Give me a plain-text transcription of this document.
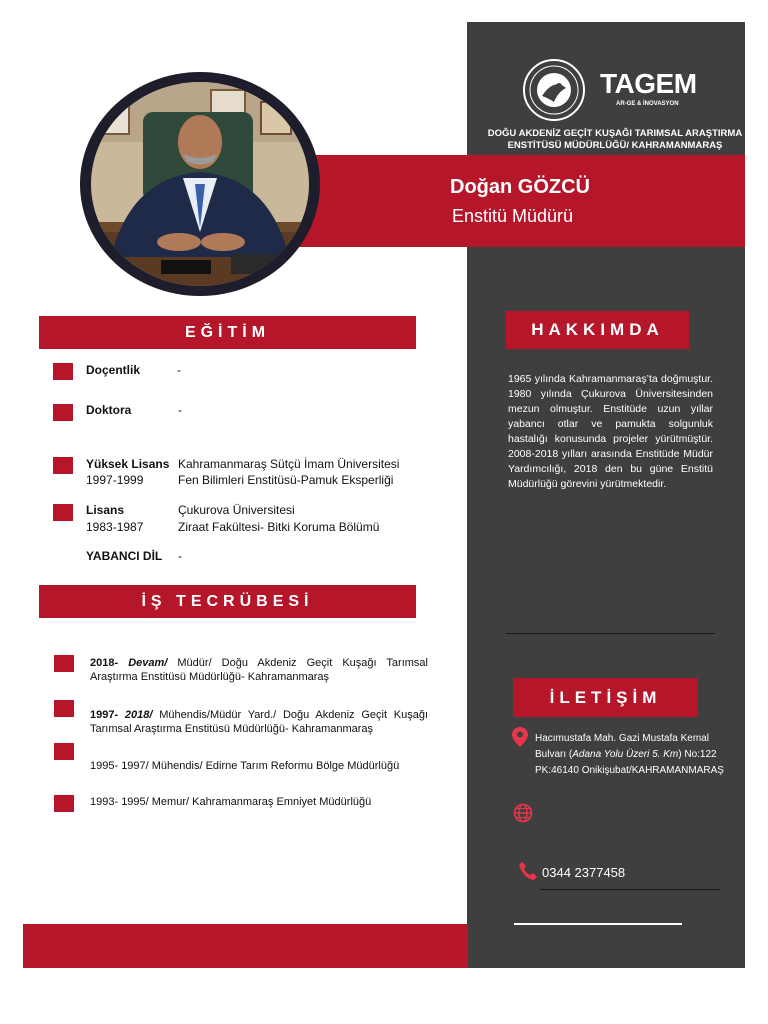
TAGEM
AR-GE & İNOVASYON
DOĞU AKDENİZ GEÇİT KUŞAĞI TARIMSAL ARAŞTIRMA ENSTİTÜSÜ MÜDÜRLÜĞÜ/ KAHRAMANMARAŞ
Doğan GÖZCÜ
Enstitü Müdürü
EĞİTİM
Doçentlik	-
Doktora	-
Yüksek Lisans
1997-1999
Kahramanmaraş Sütçü İmam Üniversitesi
Fen Bilimleri Enstitüsü-Pamuk Eksperliği
Lisans
1983-1987
Çukurova Üniversitesi
Ziraat Fakültesi- Bitki Koruma Bölümü
YABANCI DİL -
İŞ TECRÜBESİ
2018- Devam/ Müdür/ Doğu Akdeniz Geçit Kuşağı Tarımsal Araştırma Enstitüsü Müdürlüğü- Kahramanmaraş
1997- 2018/ Mühendis/Müdür Yard./ Doğu Akdeniz Geçit Kuşağı Tarımsal Araştırma Enstitüsü Müdürlüğü- Kahramanmaraş
1995- 1997/ Mühendis/ Edirne Tarım Reformu Bölge Müdürlüğü
1993- 1995/ Memur/ Kahramanmaraş Emniyet Müdürlüğü
HAKKIMDA
1965 yılında Kahramanmaraş’ta doğmuştur. 1980 yılında Çukurova Üniversitesinden mezun olmuştur. Enstitüde uzun yıllar yabancı otlar ve pamukta solgunluk hastalığı konusunda projeler yürütmüştür. 2008-2018 yılları arasında Enstitüde Müdür Yardımcılığı, 2018 den bu güne Enstitü Müdürlüğü görevini yürütmektedir.
İLETİŞİM
Hacımustafa Mah. Gazi Mustafa Kemal Bulvarı (Adana Yolu Üzeri 5. Km) No:122 PK:46140 Onikişubat/KAHRAMANMARAŞ
0344 2377458
